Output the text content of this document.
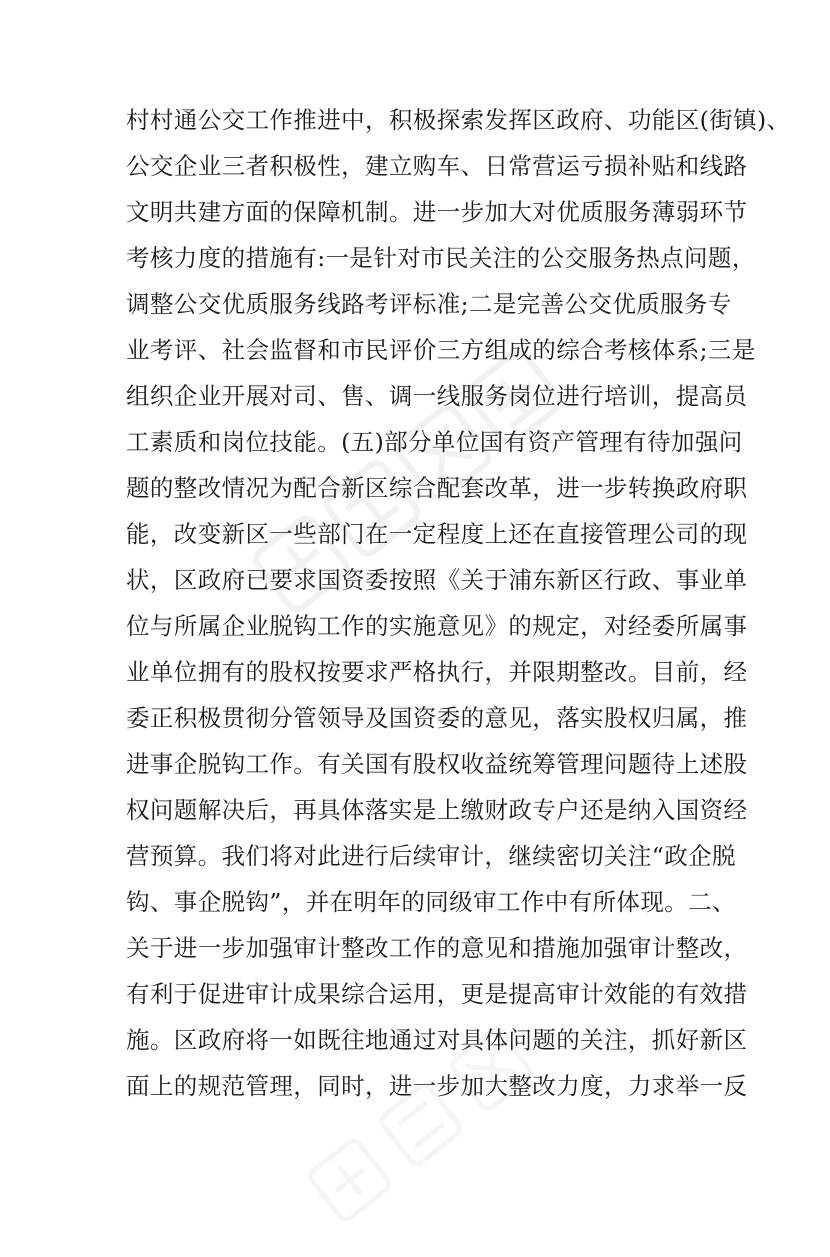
村村通公交工作推进中，积极探索发挥区政府、功能区(街镇)、
公交企业三者积极性，建立购车、日常营运亏损补贴和线路
文明共建方面的保障机制。进一步加大对优质服务薄弱环节
考核力度的措施有:一是针对市民关注的公交服务热点问题，
调整公交优质服务线路考评标准;二是完善公交优质服务专
业考评、社会监督和市民评价三方组成的综合考核体系;三是
组织企业开展对司、售、调一线服务岗位进行培训，提高员
工素质和岗位技能。(五)部分单位国有资产管理有待加强问
题的整改情况为配合新区综合配套改革，进一步转换政府职
能，改变新区一些部门在一定程度上还在直接管理公司的现
状，区政府已要求国资委按照《关于浦东新区行政、事业单
位与所属企业脱钩工作的实施意见》的规定，对经委所属事
业单位拥有的股权按要求严格执行，并限期整改。目前，经
委正积极贯彻分管领导及国资委的意见，落实股权归属，推
进事企脱钩工作。有关国有股权收益统筹管理问题待上述股
权问题解决后，再具体落实是上缴财政专户还是纳入国资经
营预算。我们将对此进行后续审计，继续密切关注“政企脱
钩、事企脱钩”，并在明年的同级审工作中有所体现。二、
关于进一步加强审计整改工作的意见和措施加强审计整改，
有利于促进审计成果综合运用，更是提高审计效能的有效措
施。区政府将一如既往地通过对具体问题的关注，抓好新区
面上的规范管理，同时，进一步加大整改力度，力求举一反
